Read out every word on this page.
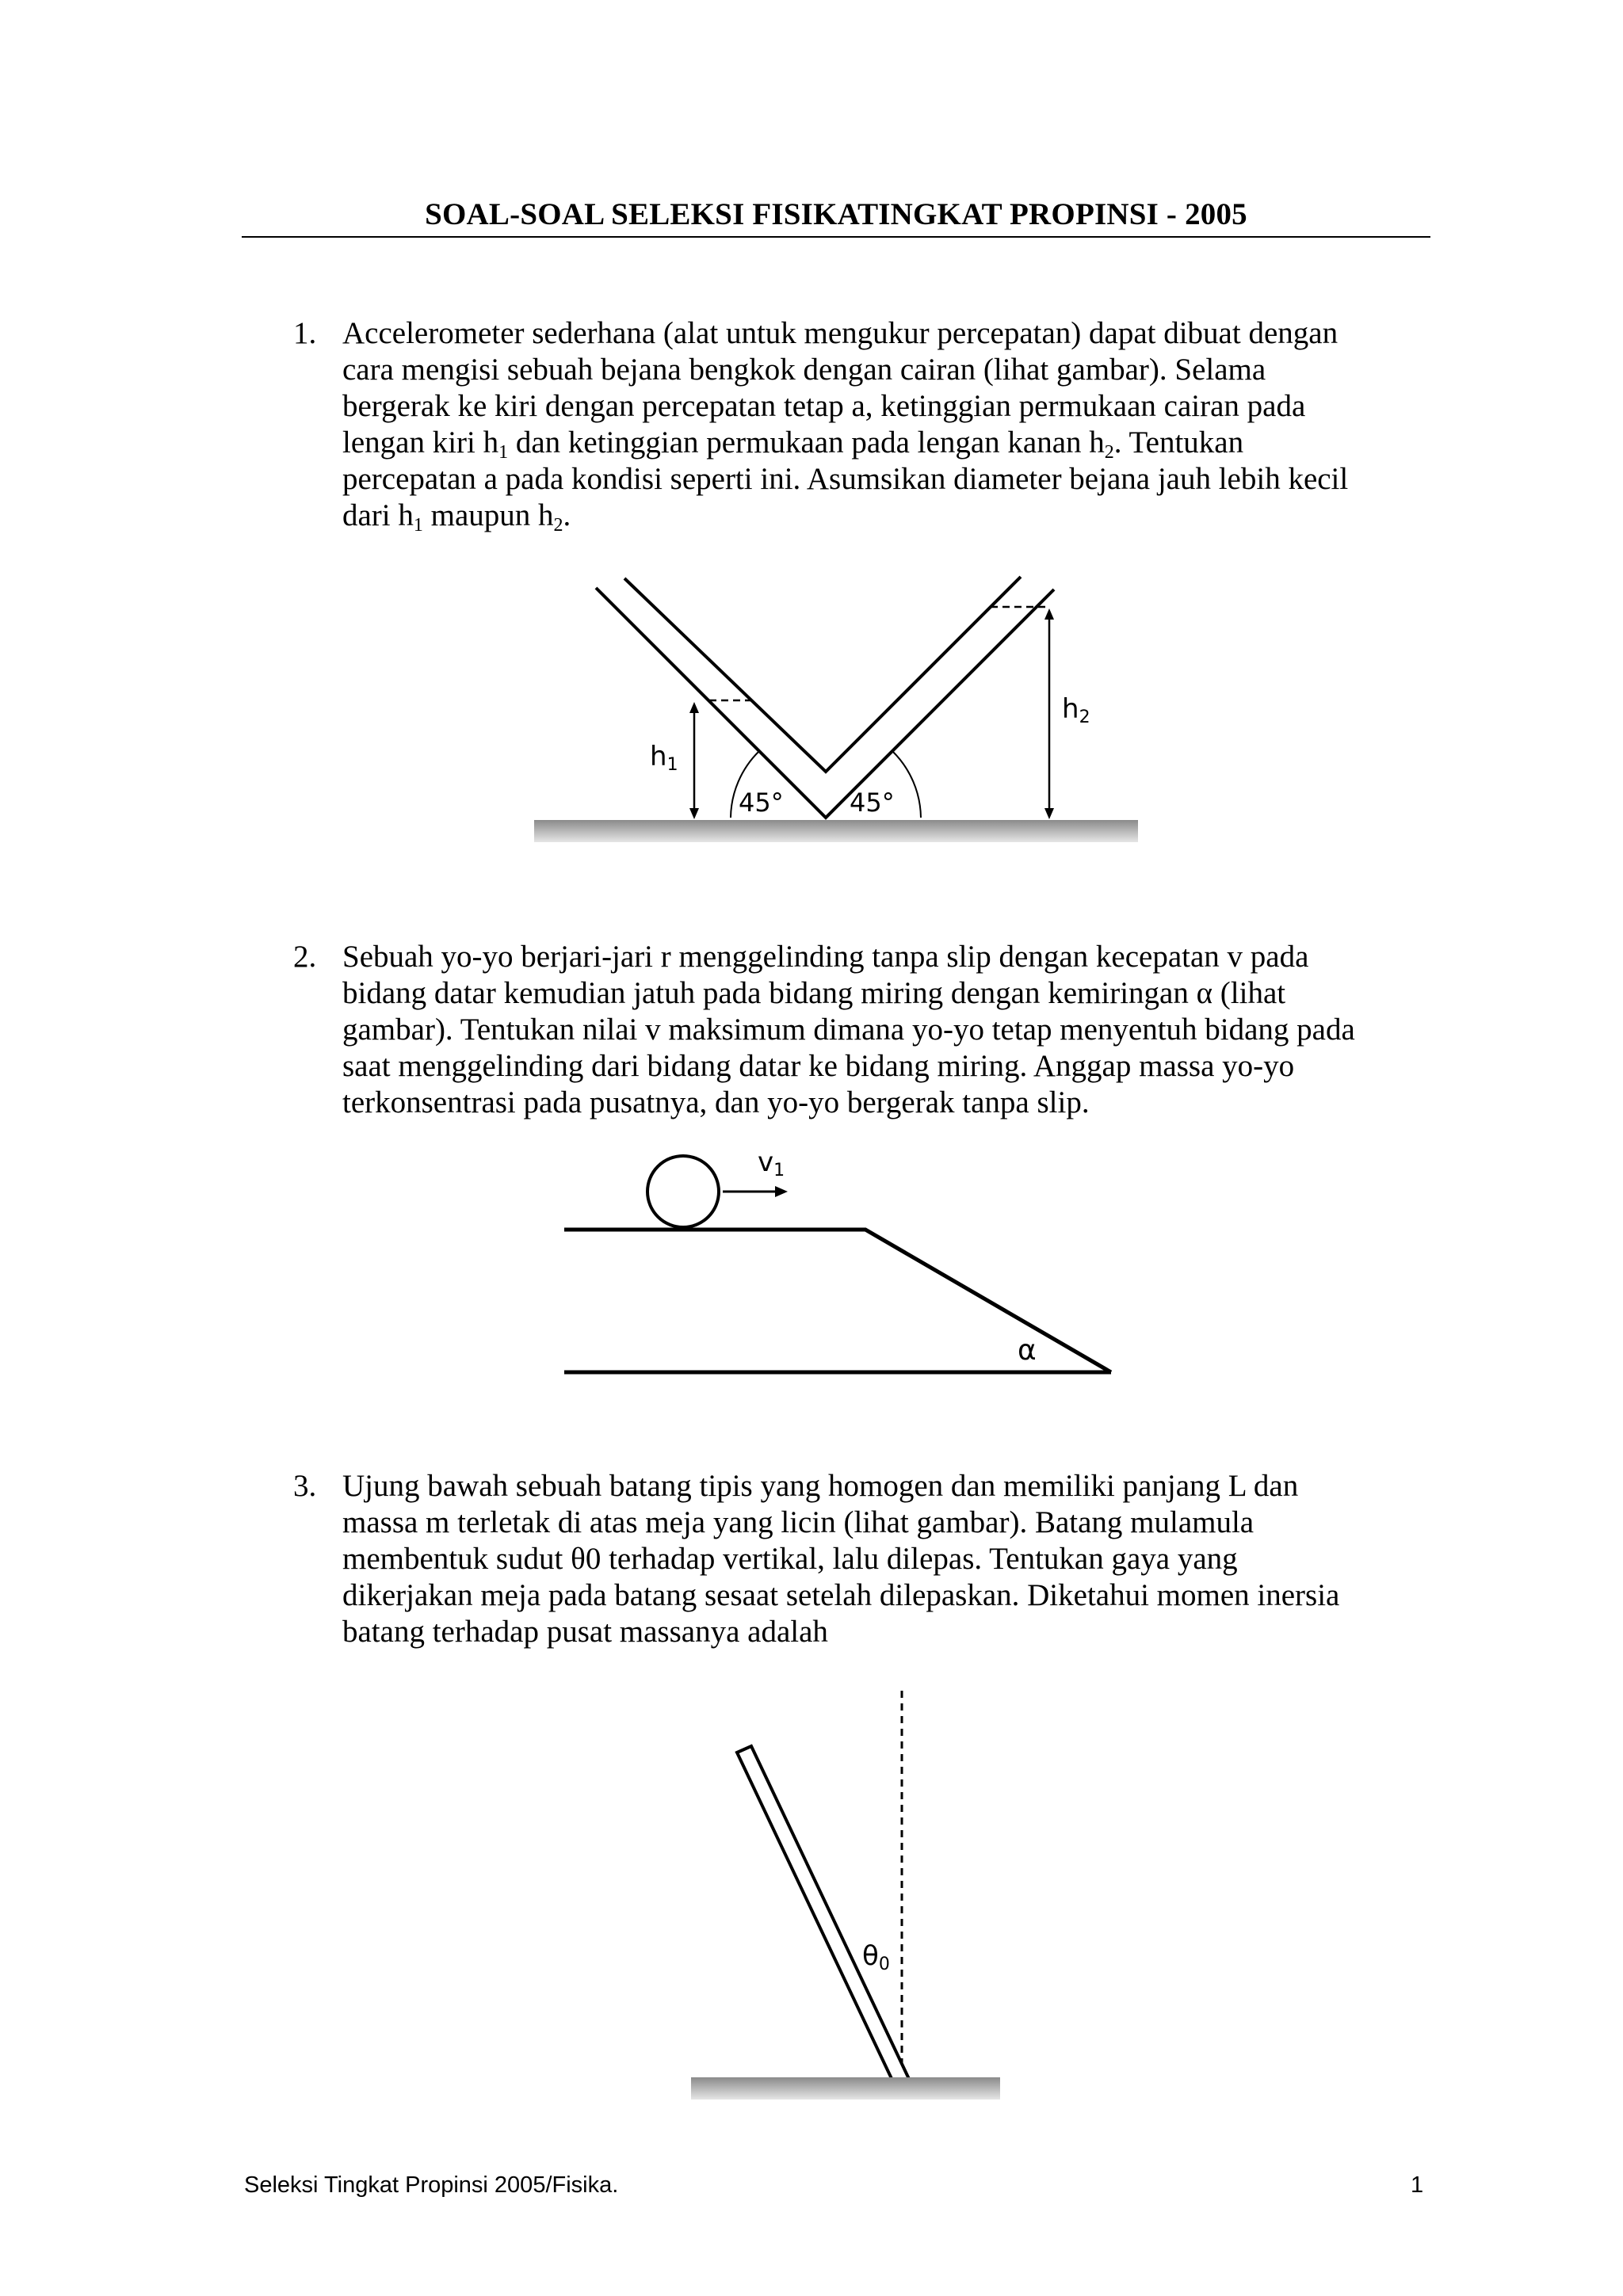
SOAL-SOAL SELEKSI FISIKATINGKAT PROPINSI - 2005
1. Accelerometer sederhana (alat untuk mengukur percepatan) dapat dibuat dengan
cara mengisi sebuah bejana bengkok dengan cairan (lihat gambar). Selama
bergerak ke kiri dengan percepatan tetap a, ketinggian permukaan cairan pada
lengan kiri $h_1$ dan ketinggian permukaan pada lengan kanan $h_2$. Tentukan
percepatan a pada kondisi seperti ini. Asumsikan diameter bejana jauh lebih kecil
dari $h_1$ maupun $h_2$.
h1
h2
45°	45°
2. Sebuah yo-yo berjari-jari r menggelinding tanpa slip dengan kecepatan v pada
bidang datar kemudian jatuh pada bidang miring dengan kemiringan α (lihat
gambar). Tentukan nilai v maksimum dimana yo-yo tetap menyentuh bidang pada
saat menggelinding dari bidang datar ke bidang miring. Anggap massa yo-yo
terkonsentrasi pada pusatnya, dan yo-yo bergerak tanpa slip.
v1
α
3. Ujung bawah sebuah batang tipis yang homogen dan memiliki panjang L dan
massa m terletak di atas meja yang licin (lihat gambar). Batang mulamula
membentuk sudut θ0 terhadap vertikal, lalu dilepas. Tentukan gaya yang
dikerjakan meja pada batang sesaat setelah dilepaskan. Diketahui momen inersia
batang terhadap pusat massanya adalah
θ0
Seleksi Tingkat Propinsi 2005/Fisika.	1
